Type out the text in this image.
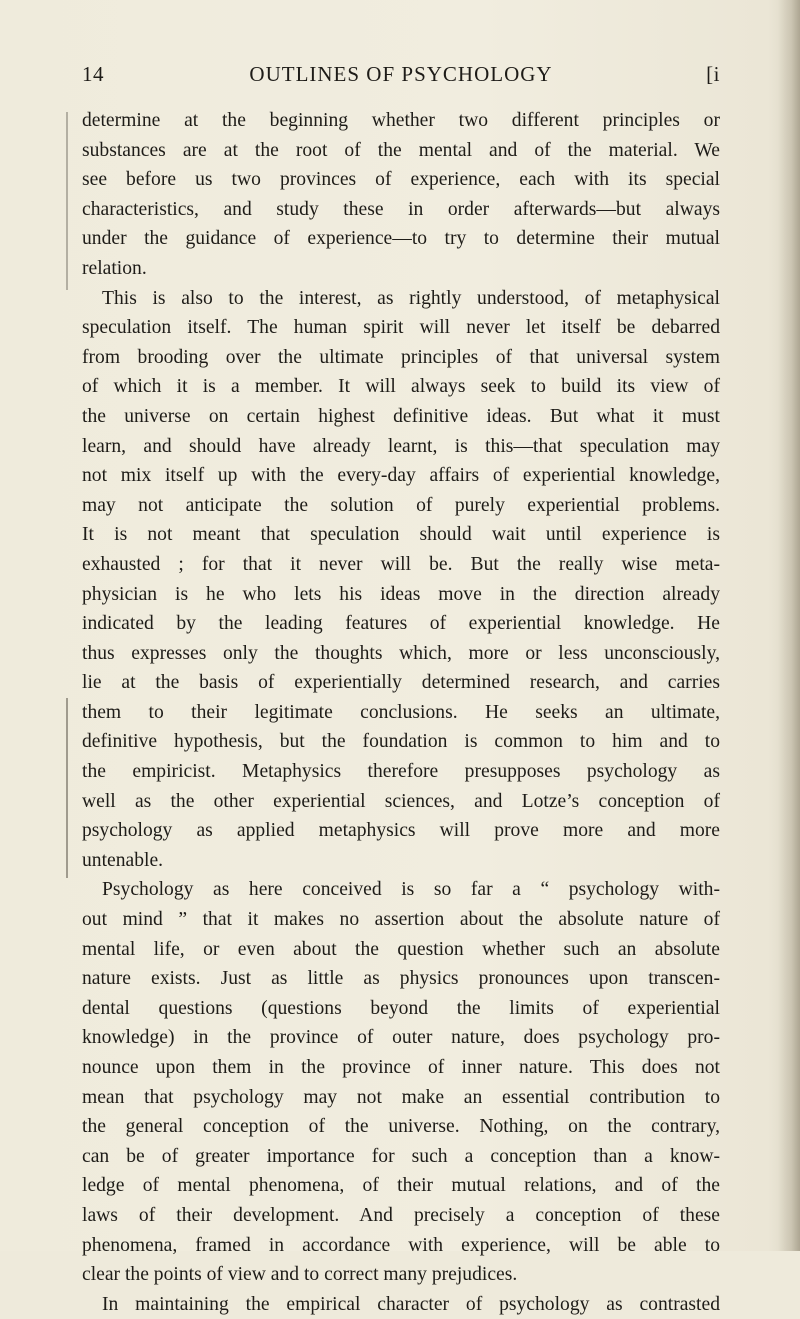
14	OUTLINES OF PSYCHOLOGY	[i
determine at the beginning whether two different principles or
substances are at the root of the mental and of the material. We
see before us two provinces of experience, each with its special
characteristics, and study these in order afterwards—but always
under the guidance of experience—to try to determine their mutual
relation.
This is also to the interest, as rightly understood, of metaphysical
speculation itself. The human spirit will never let itself be debarred
from brooding over the ultimate principles of that universal system
of which it is a member. It will always seek to build its view of
the universe on certain highest definitive ideas. But what it must
learn, and should have already learnt, is this—that speculation may
not mix itself up with the every-day affairs of experiential knowledge,
may not anticipate the solution of purely experiential problems.
It is not meant that speculation should wait until experience is
exhausted ; for that it never will be. But the really wise meta-
physician is he who lets his ideas move in the direction already
indicated by the leading features of experiential knowledge. He
thus expresses only the thoughts which, more or less unconsciously,
lie at the basis of experientially determined research, and carries
them to their legitimate conclusions. He seeks an ultimate,
definitive hypothesis, but the foundation is common to him and to
the empiricist. Metaphysics therefore presupposes psychology as
well as the other experiential sciences, and Lotze’s conception of
psychology as applied metaphysics will prove more and more
untenable.
Psychology as here conceived is so far a “ psychology with-
out mind ” that it makes no assertion about the absolute nature of
mental life, or even about the question whether such an absolute
nature exists. Just as little as physics pronounces upon transcen-
dental questions (questions beyond the limits of experiential
knowledge) in the province of outer nature, does psychology pro-
nounce upon them in the province of inner nature. This does not
mean that psychology may not make an essential contribution to
the general conception of the universe. Nothing, on the contrary,
can be of greater importance for such a conception than a know-
ledge of mental phenomena, of their mutual relations, and of the
laws of their development. And precisely a conception of these
phenomena, framed in accordance with experience, will be able to
clear the points of view and to correct many prejudices.
In maintaining the empirical character of psychology as contrasted
